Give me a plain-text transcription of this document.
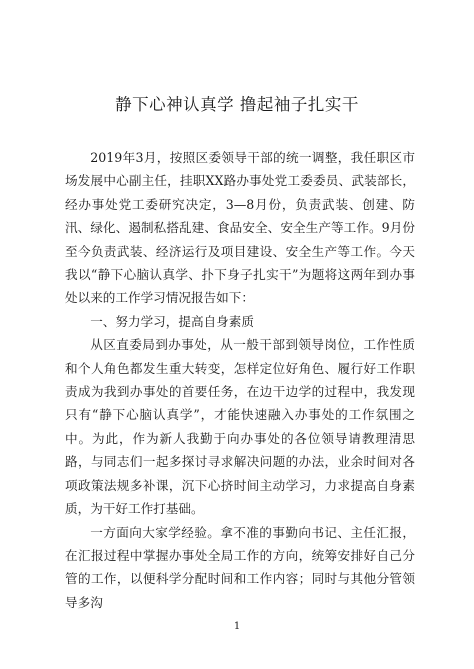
静下心神认真学 撸起袖子扎实干

2019年3月，按照区委领导干部的统一调整，我任职区市场发展中心副主任，挂职XX路办事处党工委委员、武装部长，经办事处党工委研究决定，3—8月份，负责武装、创建、防汛、绿化、遏制私搭乱建、食品安全、安全生产等工作。9月份至今负责武装、经济运行及项目建设、安全生产等工作。今天我以“静下心脑认真学、扑下身子扎实干”为题将这两年到办事处以来的工作学习情况报告如下：

一、努力学习，提高自身素质

从区直委局到办事处，从一般干部到领导岗位，工作性质和个人角色都发生重大转变，怎样定位好角色、履行好工作职责成为我到办事处的首要任务，在边干边学的过程中，我发现只有“静下心脑认真学”，才能快速融入办事处的工作氛围之中。为此，作为新人我勤于向办事处的各位领导请教理清思路，与同志们一起多探讨寻求解决问题的办法，业余时间对各项政策法规多补课，沉下心挤时间主动学习，力求提高自身素质，为干好工作打基础。

一方面向大家学经验。拿不准的事勤向书记、主任汇报，在汇报过程中掌握办事处全局工作的方向，统筹安排好自己分管的工作，以便科学分配时间和工作内容；同时与其他分管领导多沟

1
